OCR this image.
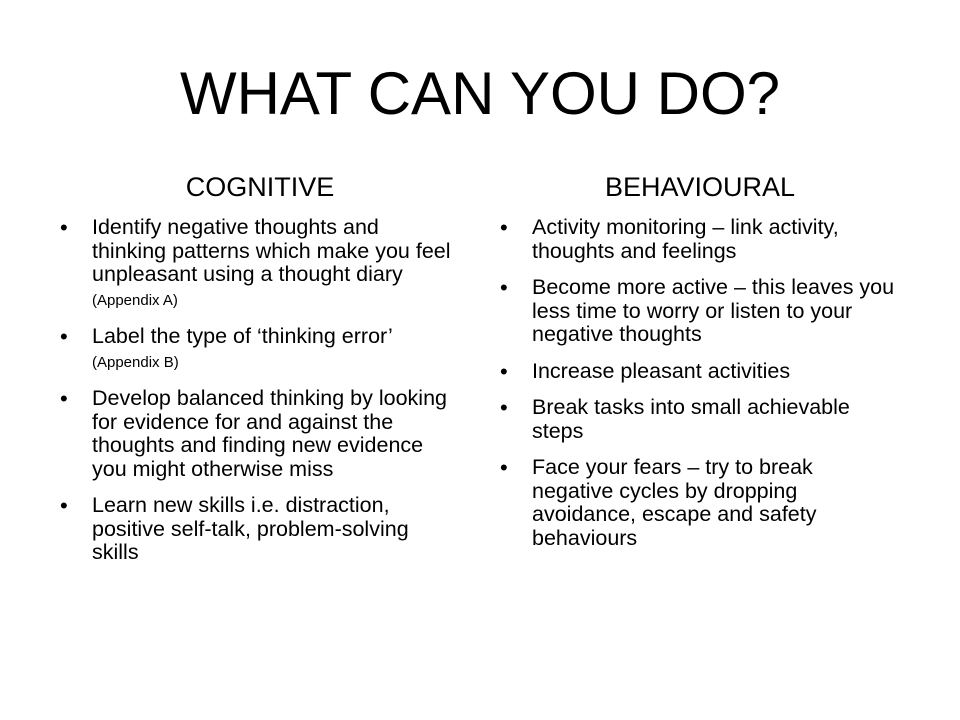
WHAT CAN YOU DO?
COGNITIVE
• Identify negative thoughts and thinking patterns which make you feel unpleasant using a thought diary (Appendix A)
• Label the type of ‘thinking error’ (Appendix B)
• Develop balanced thinking by looking for evidence for and against the thoughts and finding new evidence you might otherwise miss
• Learn new skills i.e. distraction, positive self-talk, problem-solving skills
BEHAVIOURAL
• Activity monitoring – link activity, thoughts and feelings
• Become more active – this leaves you less time to worry or listen to your negative thoughts
• Increase pleasant activities
• Break tasks into small achievable steps
• Face your fears – try to break negative cycles by dropping avoidance, escape and safety behaviours
